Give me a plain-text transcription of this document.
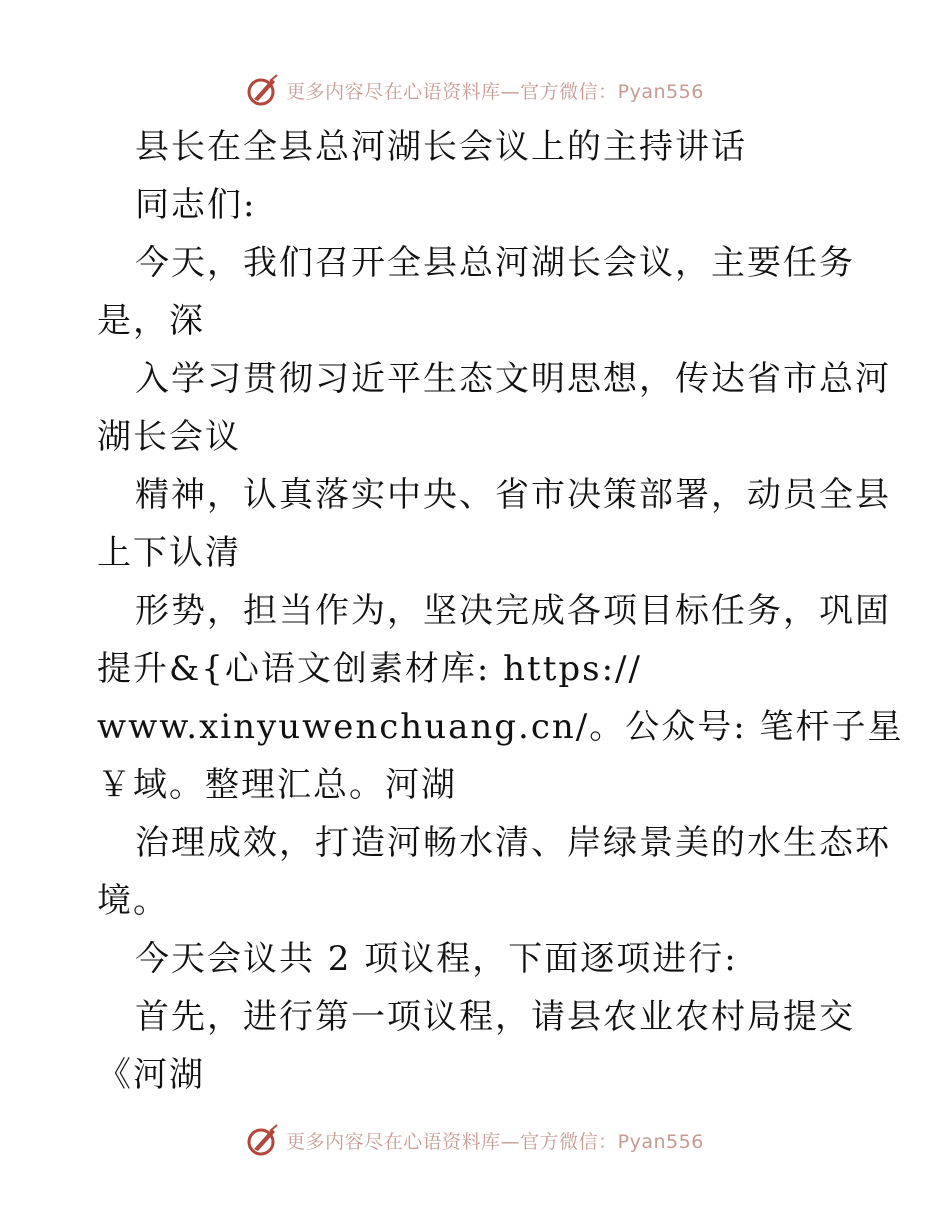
更多内容尽在心语资料库—官方微信：Pyan556
县长在全县总河湖长会议上的主持讲话
同志们:
今天，我们召开全县总河湖长会议，主要任务
是，深
入学习贯彻习近平生态文明思想，传达省市总河
湖长会议
精神，认真落实中央、省市决策部署，动员全县
上下认清
形势，担当作为，坚决完成各项目标任务，巩固
提升&{心语文创素材库: https://
www.xinyuwenchuang.cn/。公众号: 笔杆子星
￥域。整理汇总。河湖
治理成效，打造河畅水清、岸绿景美的水生态环
境。
今天会议共 2 项议程，下面逐项进行:
首先，进行第一项议程，请县农业农村局提交
《河湖
更多内容尽在心语资料库—官方微信：Pyan556
